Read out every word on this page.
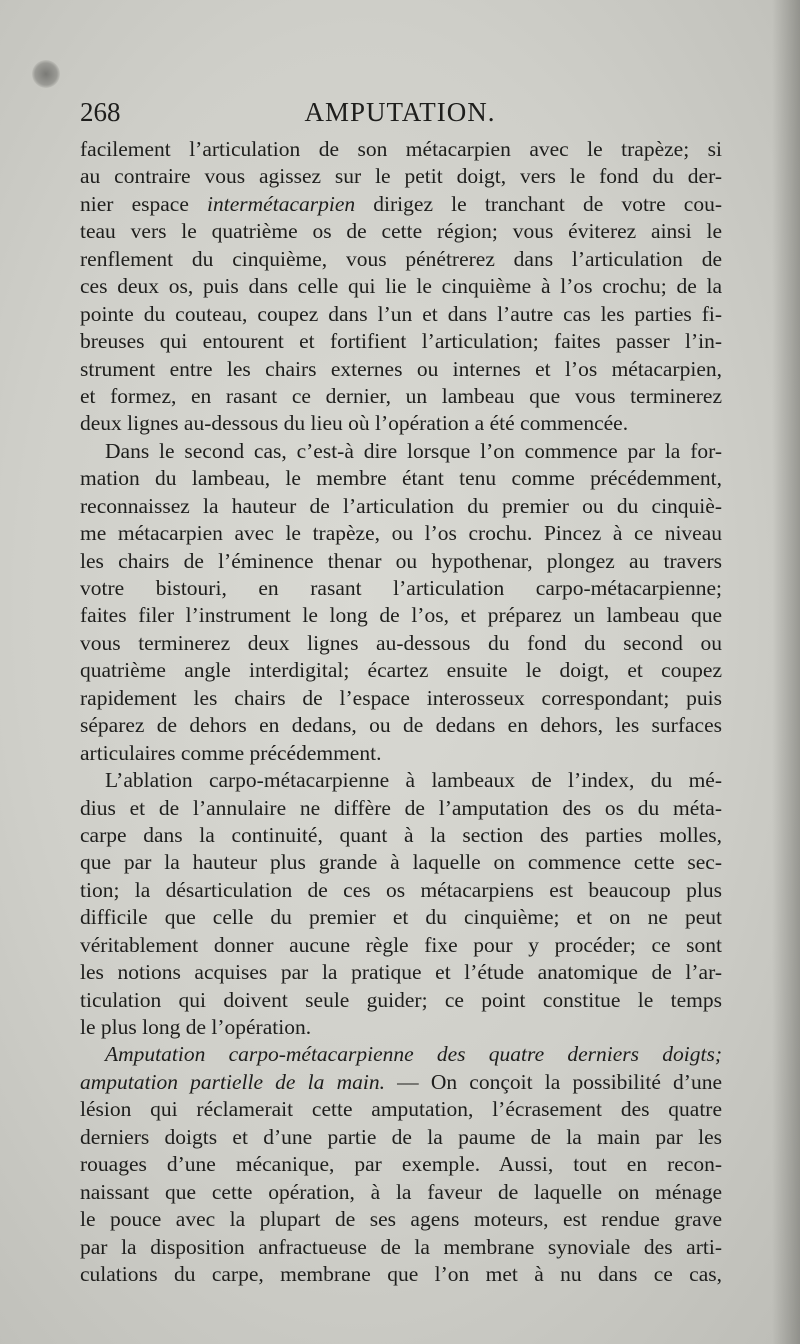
268	AMPUTATION.
facilement l’articulation de son métacarpien avec le trapèze; si
au contraire vous agissez sur le petit doigt, vers le fond du der-
nier espace intermétacarpien dirigez le tranchant de votre cou-
teau vers le quatrième os de cette région; vous éviterez ainsi le
renflement du cinquième, vous pénétrerez dans l’articulation de
ces deux os, puis dans celle qui lie le cinquième à l’os crochu; de la
pointe du couteau, coupez dans l’un et dans l’autre cas les parties fi-
breuses qui entourent et fortifient l’articulation; faites passer l’in-
strument entre les chairs externes ou internes et l’os métacarpien,
et formez, en rasant ce dernier, un lambeau que vous terminerez
deux lignes au-dessous du lieu où l’opération a été commencée.
Dans le second cas, c’est-à dire lorsque l’on commence par la for-
mation du lambeau, le membre étant tenu comme précédemment,
reconnaissez la hauteur de l’articulation du premier ou du cinquiè-
me métacarpien avec le trapèze, ou l’os crochu. Pincez à ce niveau
les chairs de l’éminence thenar ou hypothenar, plongez au travers
votre bistouri, en rasant l’articulation carpo-métacarpienne;
faites filer l’instrument le long de l’os, et préparez un lambeau que
vous terminerez deux lignes au-dessous du fond du second ou
quatrième angle interdigital; écartez ensuite le doigt, et coupez
rapidement les chairs de l’espace interosseux correspondant; puis
séparez de dehors en dedans, ou de dedans en dehors, les surfaces
articulaires comme précédemment.
L’ablation carpo-métacarpienne à lambeaux de l’index, du mé-
dius et de l’annulaire ne diffère de l’amputation des os du méta-
carpe dans la continuité, quant à la section des parties molles,
que par la hauteur plus grande à laquelle on commence cette sec-
tion; la désarticulation de ces os métacarpiens est beaucoup plus
difficile que celle du premier et du cinquième; et on ne peut
véritablement donner aucune règle fixe pour y procéder; ce sont
les notions acquises par la pratique et l’étude anatomique de l’ar-
ticulation qui doivent seule guider; ce point constitue le temps
le plus long de l’opération.
Amputation carpo-métacarpienne des quatre derniers doigts;
amputation partielle de la main. — On conçoit la possibilité d’une
lésion qui réclamerait cette amputation, l’écrasement des quatre
derniers doigts et d’une partie de la paume de la main par les
rouages d’une mécanique, par exemple. Aussi, tout en recon-
naissant que cette opération, à la faveur de laquelle on ménage
le pouce avec la plupart de ses agens moteurs, est rendue grave
par la disposition anfractueuse de la membrane synoviale des arti-
culations du carpe, membrane que l’on met à nu dans ce cas,
